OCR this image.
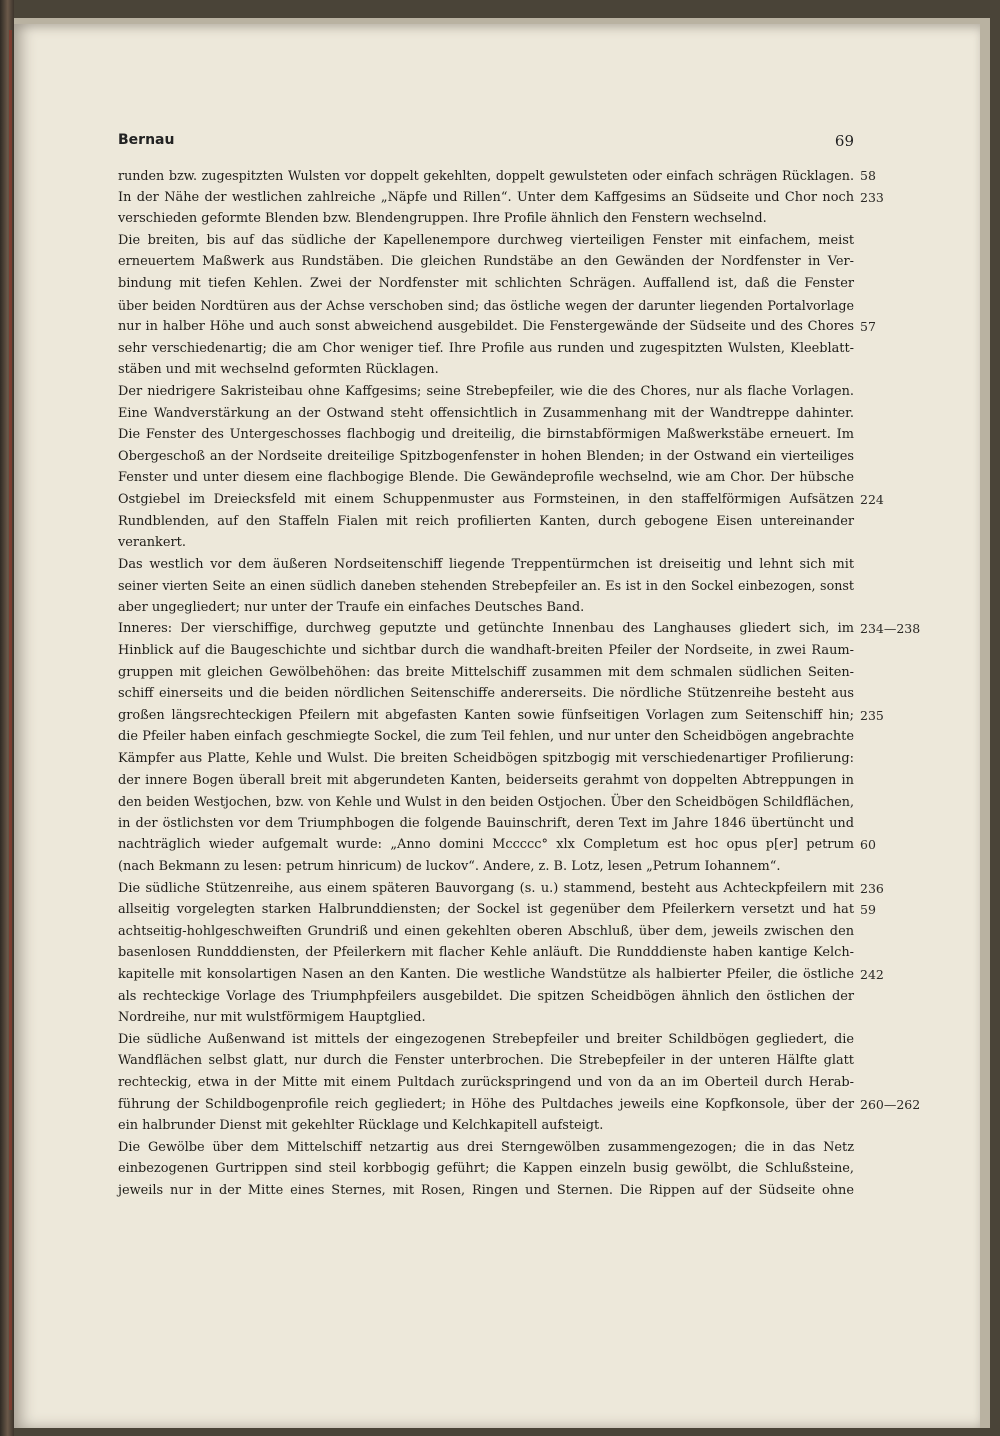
Bernau	69
runden bzw. zugespitzten Wulsten vor doppelt gekehlten, doppelt gewulsteten oder einfach schrägen Rücklagen. 58
In der Nähe der westlichen zahlreiche „Näpfe und Rillen“. Unter dem Kaffgesims an Südseite und Chor noch 233
verschieden geformte Blenden bzw. Blendengruppen. Ihre Profile ähnlich den Fenstern wechselnd.
Die breiten, bis auf das südliche der Kapellenempore durchweg vierteiligen Fenster mit einfachem, meist
erneuertem Maßwerk aus Rundstäben. Die gleichen Rundstäbe an den Gewänden der Nordfenster in Ver-
bindung mit tiefen Kehlen. Zwei der Nordfenster mit schlichten Schrägen. Auffallend ist, daß die Fenster
über beiden Nordtüren aus der Achse verschoben sind; das östliche wegen der darunter liegenden Portalvorlage
nur in halber Höhe und auch sonst abweichend ausgebildet. Die Fenstergewände der Südseite und des Chores 57
sehr verschiedenartig; die am Chor weniger tief. Ihre Profile aus runden und zugespitzten Wulsten, Kleeblatt-
stäben und mit wechselnd geformten Rücklagen.
Der niedrigere Sakristeibau ohne Kaffgesims; seine Strebepfeiler, wie die des Chores, nur als flache Vorlagen.
Eine Wandverstärkung an der Ostwand steht offensichtlich in Zusammenhang mit der Wandtreppe dahinter.
Die Fenster des Untergeschosses flachbogig und dreiteilig, die birnstabförmigen Maßwerkstäbe erneuert. Im
Obergeschoß an der Nordseite dreiteilige Spitzbogenfenster in hohen Blenden; in der Ostwand ein vierteiliges
Fenster und unter diesem eine flachbogige Blende. Die Gewändeprofile wechselnd, wie am Chor. Der hübsche
Ostgiebel im Dreiecksfeld mit einem Schuppenmuster aus Formsteinen, in den staffelförmigen Aufsätzen 224
Rundblenden, auf den Staffeln Fialen mit reich profilierten Kanten, durch gebogene Eisen untereinander
verankert.
Das westlich vor dem äußeren Nordseitenschiff liegende Treppentürmchen ist dreiseitig und lehnt sich mit
seiner vierten Seite an einen südlich daneben stehenden Strebepfeiler an. Es ist in den Sockel einbezogen, sonst
aber ungegliedert; nur unter der Traufe ein einfaches Deutsches Band.
Inneres: Der vierschiffige, durchweg geputzte und getünchte Innenbau des Langhauses gliedert sich, im 234—238
Hinblick auf die Baugeschichte und sichtbar durch die wandhaft-breiten Pfeiler der Nordseite, in zwei Raum-
gruppen mit gleichen Gewölbehöhen: das breite Mittelschiff zusammen mit dem schmalen südlichen Seiten-
schiff einerseits und die beiden nördlichen Seitenschiffe andererseits. Die nördliche Stützenreihe besteht aus
großen längsrechteckigen Pfeilern mit abgefasten Kanten sowie fünfseitigen Vorlagen zum Seitenschiff hin; 235
die Pfeiler haben einfach geschmiegte Sockel, die zum Teil fehlen, und nur unter den Scheidbögen angebrachte
Kämpfer aus Platte, Kehle und Wulst. Die breiten Scheidbögen spitzbogig mit verschiedenartiger Profilierung:
der innere Bogen überall breit mit abgerundeten Kanten, beiderseits gerahmt von doppelten Abtreppungen in
den beiden Westjochen, bzw. von Kehle und Wulst in den beiden Ostjochen. Über den Scheidbögen Schildflächen,
in der östlichsten vor dem Triumphbogen die folgende Bauinschrift, deren Text im Jahre 1846 übertüncht und
nachträglich wieder aufgemalt wurde: „Anno domini Mccccc° xlx Completum est hoc opus p[er] petrum 60
(nach Bekmann zu lesen: petrum hinricum) de luckov“. Andere, z. B. Lotz, lesen „Petrum Iohannem“.
Die südliche Stützenreihe, aus einem späteren Bauvorgang (s. u.) stammend, besteht aus Achteckpfeilern mit 236
allseitig vorgelegten starken Halbrunddiensten; der Sockel ist gegenüber dem Pfeilerkern versetzt und hat 59
achtseitig-hohlgeschweiften Grundriß und einen gekehlten oberen Abschluß, über dem, jeweils zwischen den
basenlosen Rundddiensten, der Pfeilerkern mit flacher Kehle anläuft. Die Rundddienste haben kantige Kelch-
kapitelle mit konsolartigen Nasen an den Kanten. Die westliche Wandstütze als halbierter Pfeiler, die östliche 242
als rechteckige Vorlage des Triumphpfeilers ausgebildet. Die spitzen Scheidbögen ähnlich den östlichen der
Nordreihe, nur mit wulstförmigem Hauptglied.
Die südliche Außenwand ist mittels der eingezogenen Strebepfeiler und breiter Schildbögen gegliedert, die
Wandflächen selbst glatt, nur durch die Fenster unterbrochen. Die Strebepfeiler in der unteren Hälfte glatt
rechteckig, etwa in der Mitte mit einem Pultdach zurückspringend und von da an im Oberteil durch Herab-
führung der Schildbogenprofile reich gegliedert; in Höhe des Pultdaches jeweils eine Kopfkonsole, über der 260—262
ein halbrunder Dienst mit gekehlter Rücklage und Kelchkapitell aufsteigt.
Die Gewölbe über dem Mittelschiff netzartig aus drei Sterngewölben zusammengezogen; die in das Netz
einbezogenen Gurtrippen sind steil korbbogig geführt; die Kappen einzeln busig gewölbt, die Schlußsteine,
jeweils nur in der Mitte eines Sternes, mit Rosen, Ringen und Sternen. Die Rippen auf der Südseite ohne
